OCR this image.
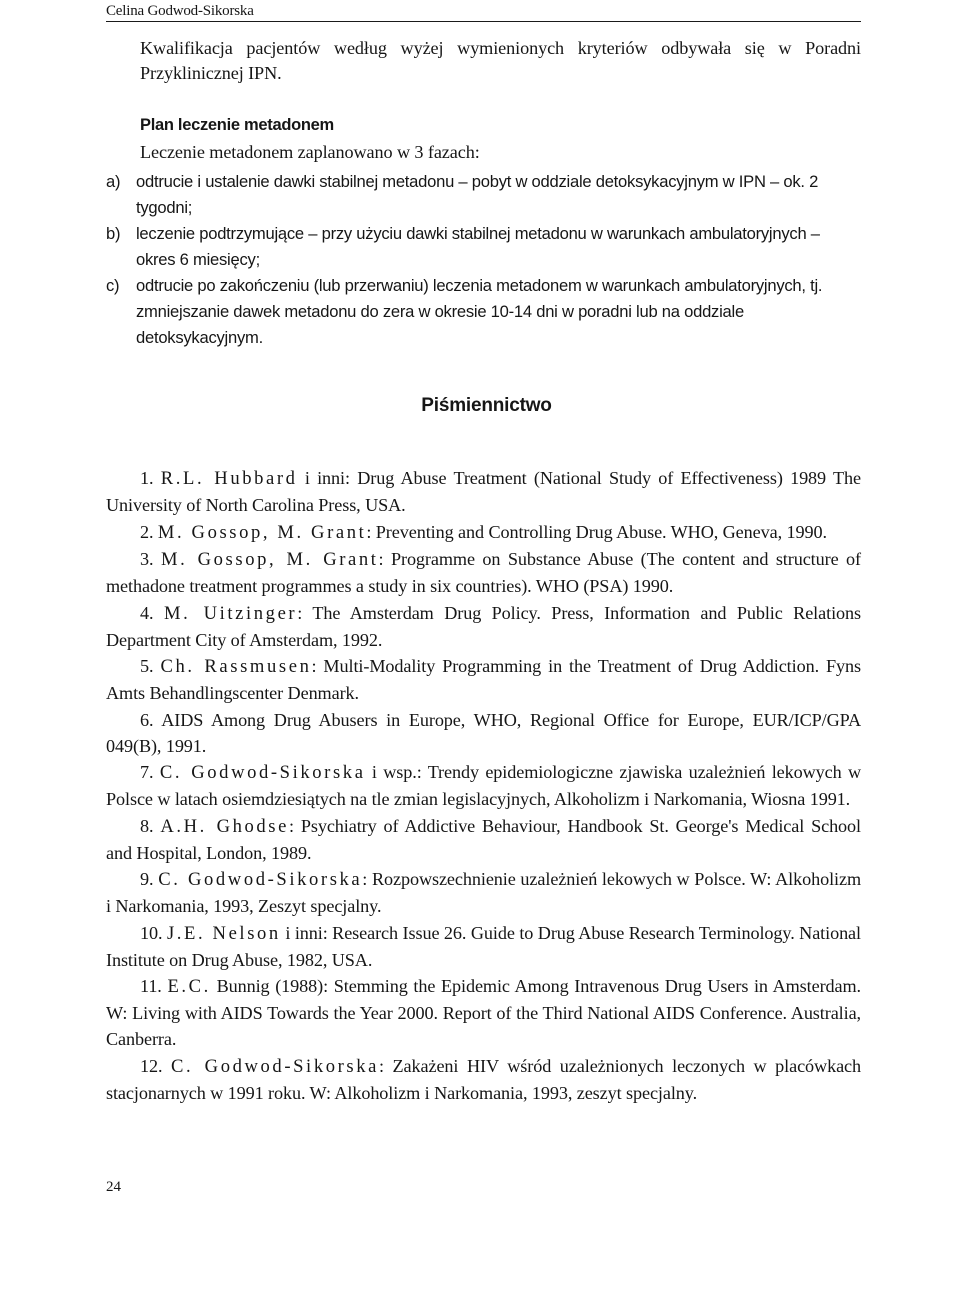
Celina Godwod-Sikorska

Kwalifikacja pacjentów według wyżej wymienionych kryteriów odbywała się w Poradni Przyklinicznej IPN.

Plan leczenie metadonem

Leczenie metadonem zaplanowano w 3 fazach:

a) odtrucie i ustalenie dawki stabilnej metadonu – pobyt w oddziale detoksykacyjnym w IPN – ok. 2 tygodni;
b) leczenie podtrzymujące – przy użyciu dawki stabilnej metadonu w warunkach ambulatoryjnych – okres 6 miesięcy;
c) odtrucie po zakończeniu (lub przerwaniu) leczenia metadonem w warunkach ambulatoryjnych, tj. zmniejszanie dawek metadonu do zera w okresie 10-14 dni w poradni lub na oddziale detoksykacyjnym.
Piśmiennictwo
1. R.L. Hubbard i inni: Drug Abuse Treatment (National Study of Effectiveness) 1989 The University of North Carolina Press, USA.
2. M. Gossop, M. Grant: Preventing and Controlling Drug Abuse. WHO, Geneva, 1990.
3. M. Gossop, M. Grant: Programme on Substance Abuse (The content and structure of methadone treatment programmes a study in six countries). WHO (PSA) 1990.
4. M. Uitzinger: The Amsterdam Drug Policy. Press, Information and Public Relations Department City of Amsterdam, 1992.
5. Ch. Rassmusen: Multi-Modality Programming in the Treatment of Drug Addiction. Fyns Amts Behandlingscenter Denmark.
6. AIDS Among Drug Abusers in Europe, WHO, Regional Office for Europe, EUR/ICP/GPA 049(B), 1991.
7. C. Godwod-Sikorska i wsp.: Trendy epidemiologiczne zjawiska uzależnień lekowych w Polsce w latach osiemdziesiątych na tle zmian legislacyjnych, Alkoholizm i Narkomania, Wiosna 1991.
8. A.H. Ghodse: Psychiatry of Addictive Behaviour, Handbook St. George's Medical School and Hospital, London, 1989.
9. C. Godwod-Sikorska: Rozpowszechnienie uzależnień lekowych w Polsce. W: Alkoholizm i Narkomania, 1993, Zeszyt specjalny.
10. J.E. Nelson i inni: Research Issue 26. Guide to Drug Abuse Research Terminology. National Institute on Drug Abuse, 1982, USA.
11. E.C. Bunnig (1988): Stemming the Epidemic Among Intravenous Drug Users in Amsterdam. W: Living with AIDS Towards the Year 2000. Report of the Third National AIDS Conference. Australia, Canberra.
12. C. Godwod-Sikorska: Zakażeni HIV wśród uzależnionych leczonych w placówkach stacjonarnych w 1991 roku. W: Alkoholizm i Narkomania, 1993, zeszyt specjalny.
24
